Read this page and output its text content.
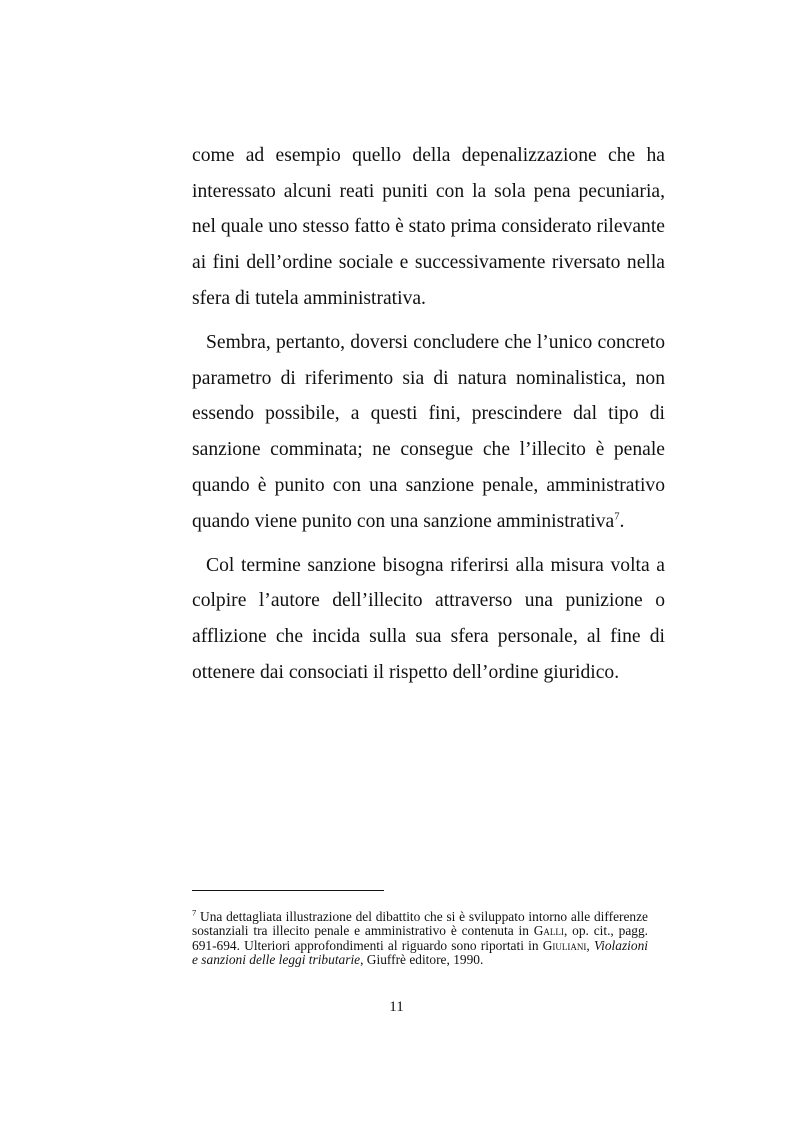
come ad esempio quello della depenalizzazione che ha interessato alcuni reati puniti con la sola pena pecuniaria, nel quale uno stesso fatto è stato prima considerato rilevante ai fini dell’ordine sociale e successivamente riversato nella sfera di tutela amministrativa.

Sembra, pertanto, doversi concludere che l’unico concreto parametro di riferimento sia di natura nominalistica, non essendo possibile, a questi fini, prescindere dal tipo di sanzione comminata; ne consegue che l’illecito è penale quando è punito con una sanzione penale, amministrativo quando viene punito con una sanzione amministrativa$^7$.

Col termine sanzione bisogna riferirsi alla misura volta a colpire l’autore dell’illecito attraverso una punizione o afflizione che incida sulla sua sfera personale, al fine di ottenere dai consociati il rispetto dell’ordine giuridico.

$^7$ Una dettagliata illustrazione del dibattito che si è sviluppato intorno alle differenze sostanziali tra illecito penale e amministrativo è contenuta in Galli, op. cit., pagg. 691-694. Ulteriori approfondimenti al riguardo sono riportati in Giuliani, Violazioni e sanzioni delle leggi tributarie, Giuffrè editore, 1990.

11
